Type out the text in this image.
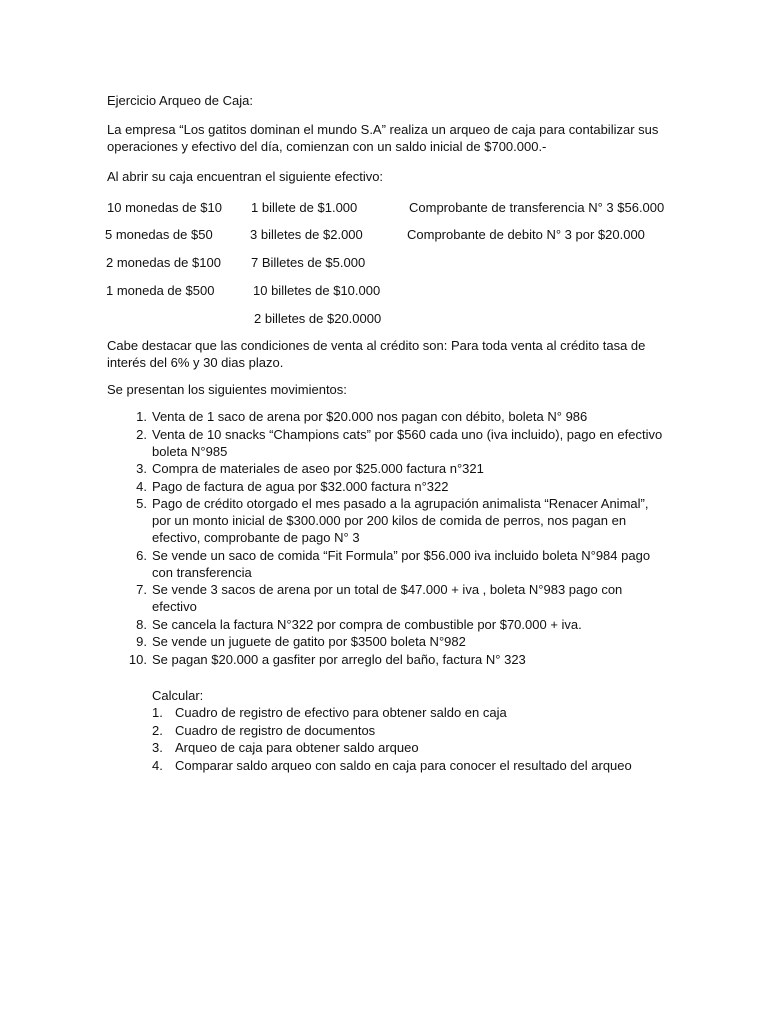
Ejercicio Arqueo de Caja:

La empresa “Los gatitos dominan el mundo S.A” realiza un arqueo de caja para contabilizar sus operaciones y efectivo del día, comienzan con un saldo inicial de $700.000.-

Al abrir su caja encuentran el siguiente efectivo:
10 monedas de $10
5 monedas de $50
2 monedas de $100
1 moneda de $500
1 billete de $1.000
3 billetes de $2.000
7 Billetes de $5.000
10 billetes de $10.000
2 billetes de $20.0000
Comprobante de transferencia N° 3 $56.000
Comprobante de debito N° 3 por $20.000

Cabe destacar que las condiciones de venta al crédito son: Para toda venta al crédito tasa de interés del 6% y 30 dias plazo.

Se presentan los siguientes movimientos:
1. Venta de 1 saco de arena por $20.000 nos pagan con débito, boleta N° 986
2. Venta de 10 snacks “Champions cats” por $560 cada uno (iva incluido), pago en efectivo boleta N°985
3. Compra de materiales de aseo por $25.000 factura n°321
4. Pago de factura de agua por $32.000 factura n°322
5. Pago de crédito otorgado el mes pasado a la agrupación animalista “Renacer Animal”, por un monto inicial de $300.000 por 200 kilos de comida de perros, nos pagan en efectivo, comprobante de pago N° 3
6. Se vende un saco de comida “Fit Formula” por $56.000 iva incluido boleta N°984 pago con transferencia
7. Se vende 3 sacos de arena por un total de $47.000 + iva , boleta N°983 pago con efectivo
8. Se cancela la factura N°322 por compra de combustible por $70.000 + iva.
9. Se vende un juguete de gatito por $3500 boleta N°982
10. Se pagan $20.000 a gasfiter por arreglo del baño, factura N° 323
Calcular:
1. Cuadro de registro de efectivo para obtener saldo en caja
2. Cuadro de registro de documentos
3. Arqueo de caja para obtener saldo arqueo
4. Comparar saldo arqueo con saldo en caja para conocer el resultado del arqueo
